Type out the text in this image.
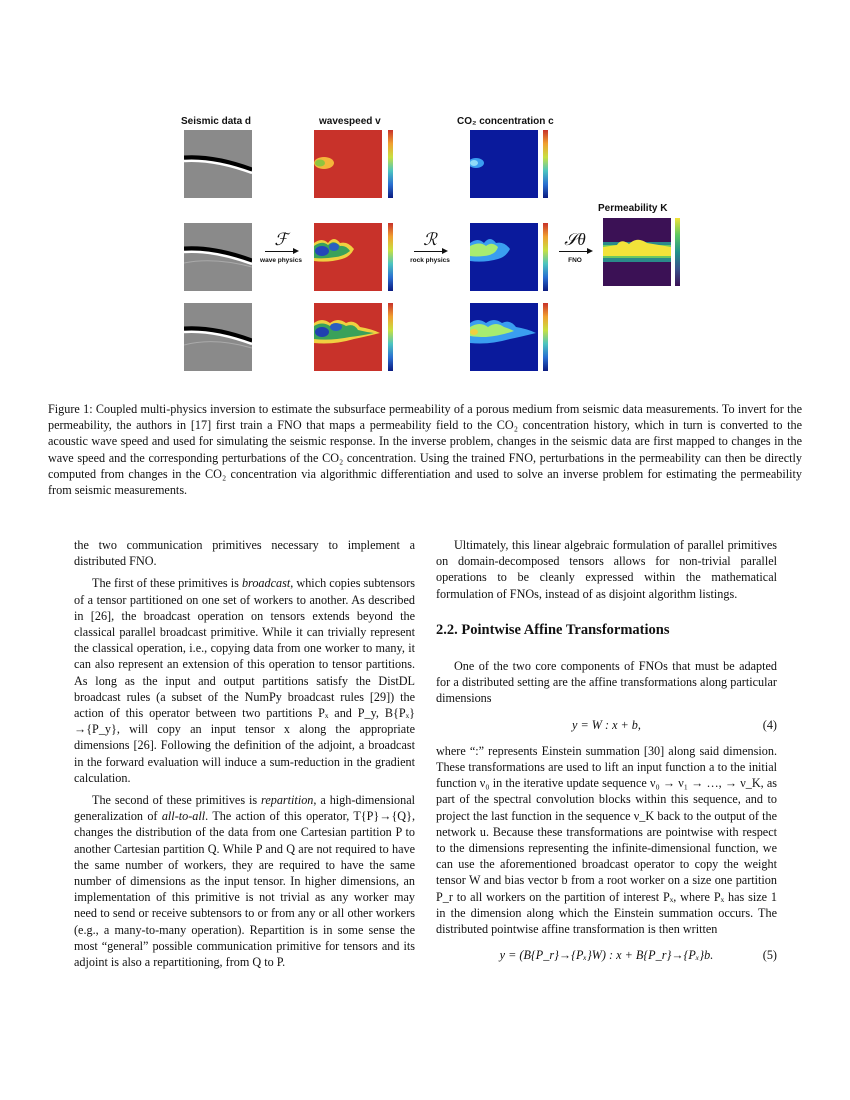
Seismic data d	wavespeed v	CO₂ concentration c
Permeability K
ℱ
wave physics
ℛ
rock physics
𝒮θ
FNO
Figure 1: Coupled multi-physics inversion to estimate the subsurface permeability of a porous medium from seismic data measurements. To invert for the permeability, the authors in [17] first train a FNO that maps a permeability field to the CO₂ concentration history, which in turn is converted to the acoustic wave speed and used for simulating the seismic response. In the inverse problem, changes in the seismic data are first mapped to changes in the wave speed and the corresponding perturbations of the CO₂ concentration. Using the trained FNO, perturbations in the permeability can then be directly computed from changes in the CO₂ concentration via algorithmic differentiation and used to solve an inverse problem for estimating the permeability from seismic measurements.

the two communication primitives necessary to implement a distributed FNO.

The first of these primitives is broadcast, which copies subtensors of a tensor partitioned on one set of workers to another. As described in [26], the broadcast operation on tensors extends beyond the classical parallel broadcast primitive. While it can trivially represent the classical operation, i.e., copying data from one worker to many, it can also represent an extension of this operation to tensor partitions. As long as the input and output partitions satisfy the DistDL broadcast rules (a subset of the NumPy broadcast rules [29]) the action of this operator between two partitions Pₓ and P_y, B{Pₓ}→{P_y}, will copy an input tensor x along the appropriate dimensions [26]. Following the definition of the adjoint, a broadcast in the forward evaluation will induce a sum-reduction in the gradient calculation.

The second of these primitives is repartition, a high-dimensional generalization of all-to-all. The action of this operator, T{P}→{Q}, changes the distribution of the data from one Cartesian partition P to another Cartesian partition Q. While P and Q are not required to have the same number of workers, they are required to have the same number of dimensions as the input tensor. In higher dimensions, an implementation of this primitive is not trivial as any worker may need to send or receive subtensors to or from any or all other workers (e.g., a many-to-many operation). Repartition is in some sense the most “general” possible communication primitive for tensors and its adjoint is also a repartitioning, from Q to P.

Ultimately, this linear algebraic formulation of parallel primitives on domain-decomposed tensors allows for non-trivial parallel operations to be cleanly expressed within the mathematical formulation of FNOs, instead of as disjoint algorithm listings.

2.2. Pointwise Affine Transformations

One of the two core components of FNOs that must be adapted for a distributed setting are the affine transformations along particular dimensions

y = W : x + b,	(4)

where “:” represents Einstein summation [30] along said dimension. These transformations are used to lift an input function a to the initial function ν₀ in the iterative update sequence ν₀ → ν₁ → …, → ν_K, as part of the spectral convolution blocks within this sequence, and to project the last function in the sequence ν_K back to the output of the network u. Because these transformations are pointwise with respect to the dimensions representing the infinite-dimensional function, we can use the aforementioned broadcast operator to copy the weight tensor W and bias vector b from a root worker on a size one partition P_r to all workers on the partition of interest Pₓ, where Pₓ has size 1 in the dimension along which the Einstein summation occurs. The distributed pointwise affine transformation is then written

y = (B{P_r}→{Pₓ}W) : x + B{P_r}→{Pₓ}b.	(5)
